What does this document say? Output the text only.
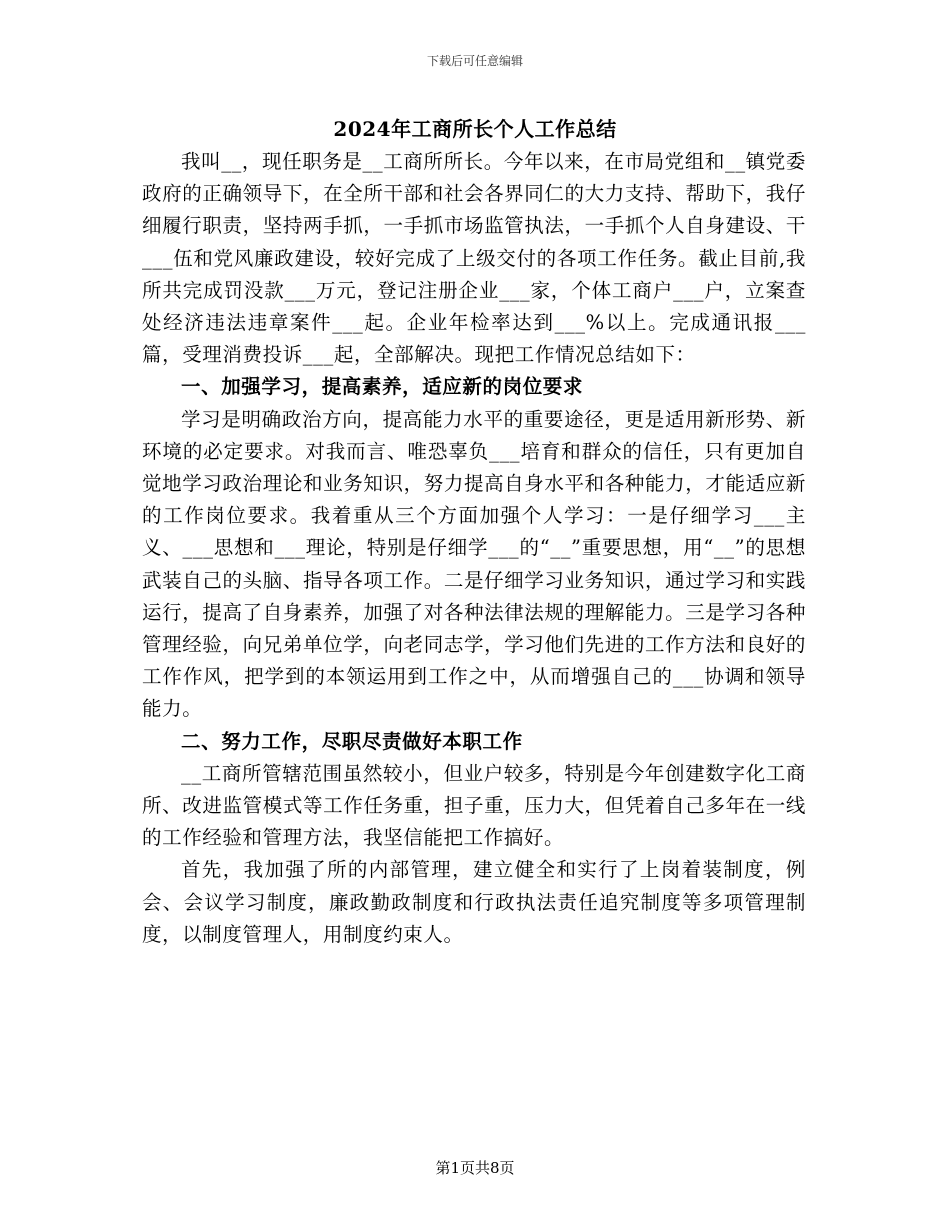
下载后可任意编辑
2024年工商所长个人工作总结

我叫__，现任职务是__工商所所长。今年以来，在市局党组和__镇党委政府的正确领导下，在全所干部和社会各界同仁的大力支持、帮助下，我仔细履行职责，坚持两手抓，一手抓市场监管执法，一手抓个人自身建设、干___伍和党风廉政建设，较好完成了上级交付的各项工作任务。截止目前,我所共完成罚没款___万元，登记注册企业___家，个体工商户___户，立案查处经济违法违章案件___起。企业年检率达到___%以上。完成通讯报___篇，受理消费投诉___起，全部解决。现把工作情况总结如下：

一、加强学习，提高素养，适应新的岗位要求

学习是明确政治方向，提高能力水平的重要途径，更是适用新形势、新环境的必定要求。对我而言、唯恐辜负___培育和群众的信任，只有更加自觉地学习政治理论和业务知识，努力提高自身水平和各种能力，才能适应新的工作岗位要求。我着重从三个方面加强个人学习：一是仔细学习___主义、___思想和___理论，特别是仔细学___的“__”重要思想，用“__”的思想武装自己的头脑、指导各项工作。二是仔细学习业务知识，通过学习和实践运行，提高了自身素养，加强了对各种法律法规的理解能力。三是学习各种管理经验，向兄弟单位学，向老同志学，学习他们先进的工作方法和良好的工作作风，把学到的本领运用到工作之中，从而增强自己的___协调和领导能力。

二、努力工作，尽职尽责做好本职工作

__工商所管辖范围虽然较小，但业户较多，特别是今年创建数字化工商所、改进监管模式等工作任务重，担子重，压力大，但凭着自己多年在一线的工作经验和管理方法，我坚信能把工作搞好。

首先，我加强了所的内部管理，建立健全和实行了上岗着装制度，例会、会议学习制度，廉政勤政制度和行政执法责任追究制度等多项管理制度，以制度管理人，用制度约束人。

第1页共8页
